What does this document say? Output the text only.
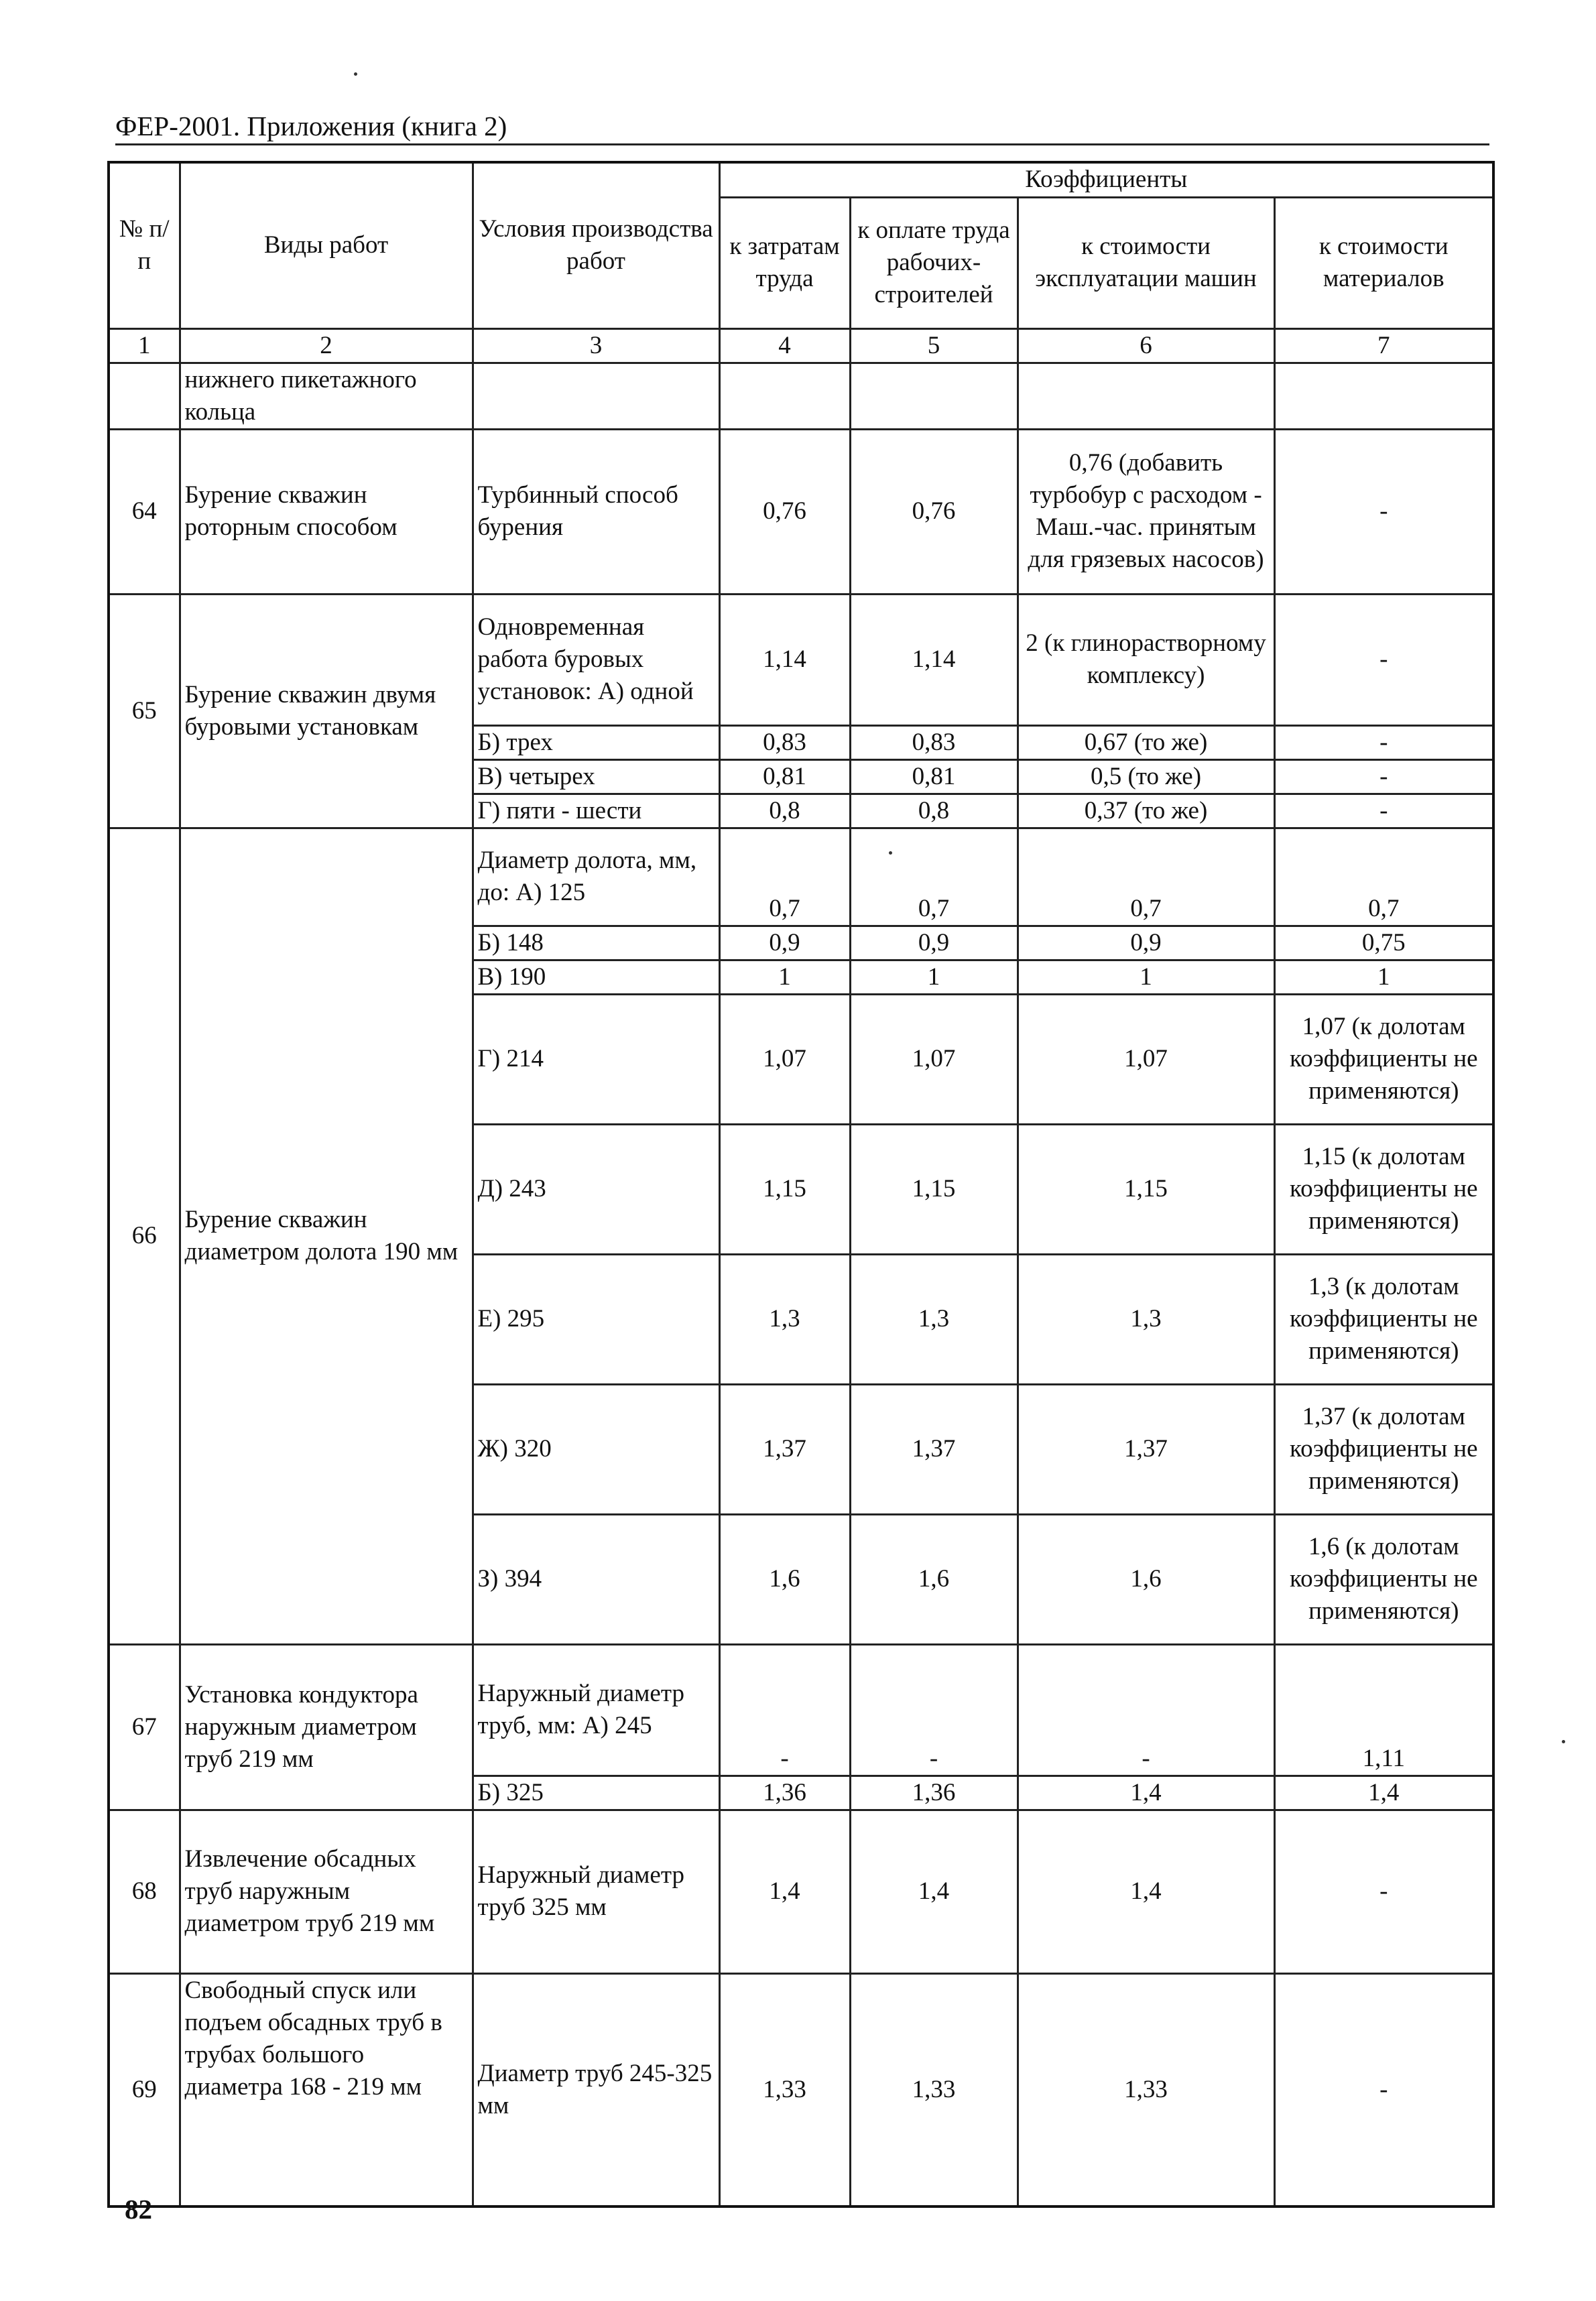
ФЕР-2001. Приложения (книга 2)
№ п/п	Виды работ	Условия производства работ	Коэффициенты			
			к затратам труда	к оплате труда рабочих-строителей	к стоимости эксплуатации машин	к стоимости материалов
1	2	3	4	5	6	7
	нижнего пикетажного кольца					
64	Бурение скважин роторным способом	Турбинный способ бурения	0,76	0,76	0,76 (добавить турбобур с расходом - Маш.-час. принятым для грязевых насосов)	-
65	Бурение скважин двумя буровыми установкам	Одновременная работа буровых установок: А) одной	1,14	1,14	2 (к глинорастворному комплексу)	-
		Б) трех	0,83	0,83	0,67 (то же)	-
		В) четырех	0,81	0,81	0,5 (то же)	-
		Г) пяти - шести	0,8	0,8	0,37 (то же)	-
66	Бурение скважин диаметром долота 190 мм	Диаметр долота, мм, до: А) 125	0,7	0,7	0,7	0,7
		Б) 148	0,9	0,9	0,9	0,75
		В) 190	1	1	1	1
		Г) 214	1,07	1,07	1,07	1,07 (к долотам коэффициенты не применяются)
		Д) 243	1,15	1,15	1,15	1,15 (к долотам коэффициенты не применяются)
		Е) 295	1,3	1,3	1,3	1,3 (к долотам коэффициенты не применяются)
		Ж) 320	1,37	1,37	1,37	1,37 (к долотам коэффициенты не применяются)
		З) 394	1,6	1,6	1,6	1,6 (к долотам коэффициенты не применяются)
67	Установка кондуктора наружным диаметром труб 219 мм	Наружный диаметр труб, мм: А) 245	-	-	-	1,11
		Б) 325	1,36	1,36	1,4	1,4
68	Извлечение обсадных труб наружным диаметром труб 219 мм	Наружный диаметр труб 325 мм	1,4	1,4	1,4	-
69	Свободный спуск или подъем обсадных труб в трубах большого диаметра 168 - 219 мм	Диаметр труб 245-325 мм	1,33	1,33	1,33	-
82
